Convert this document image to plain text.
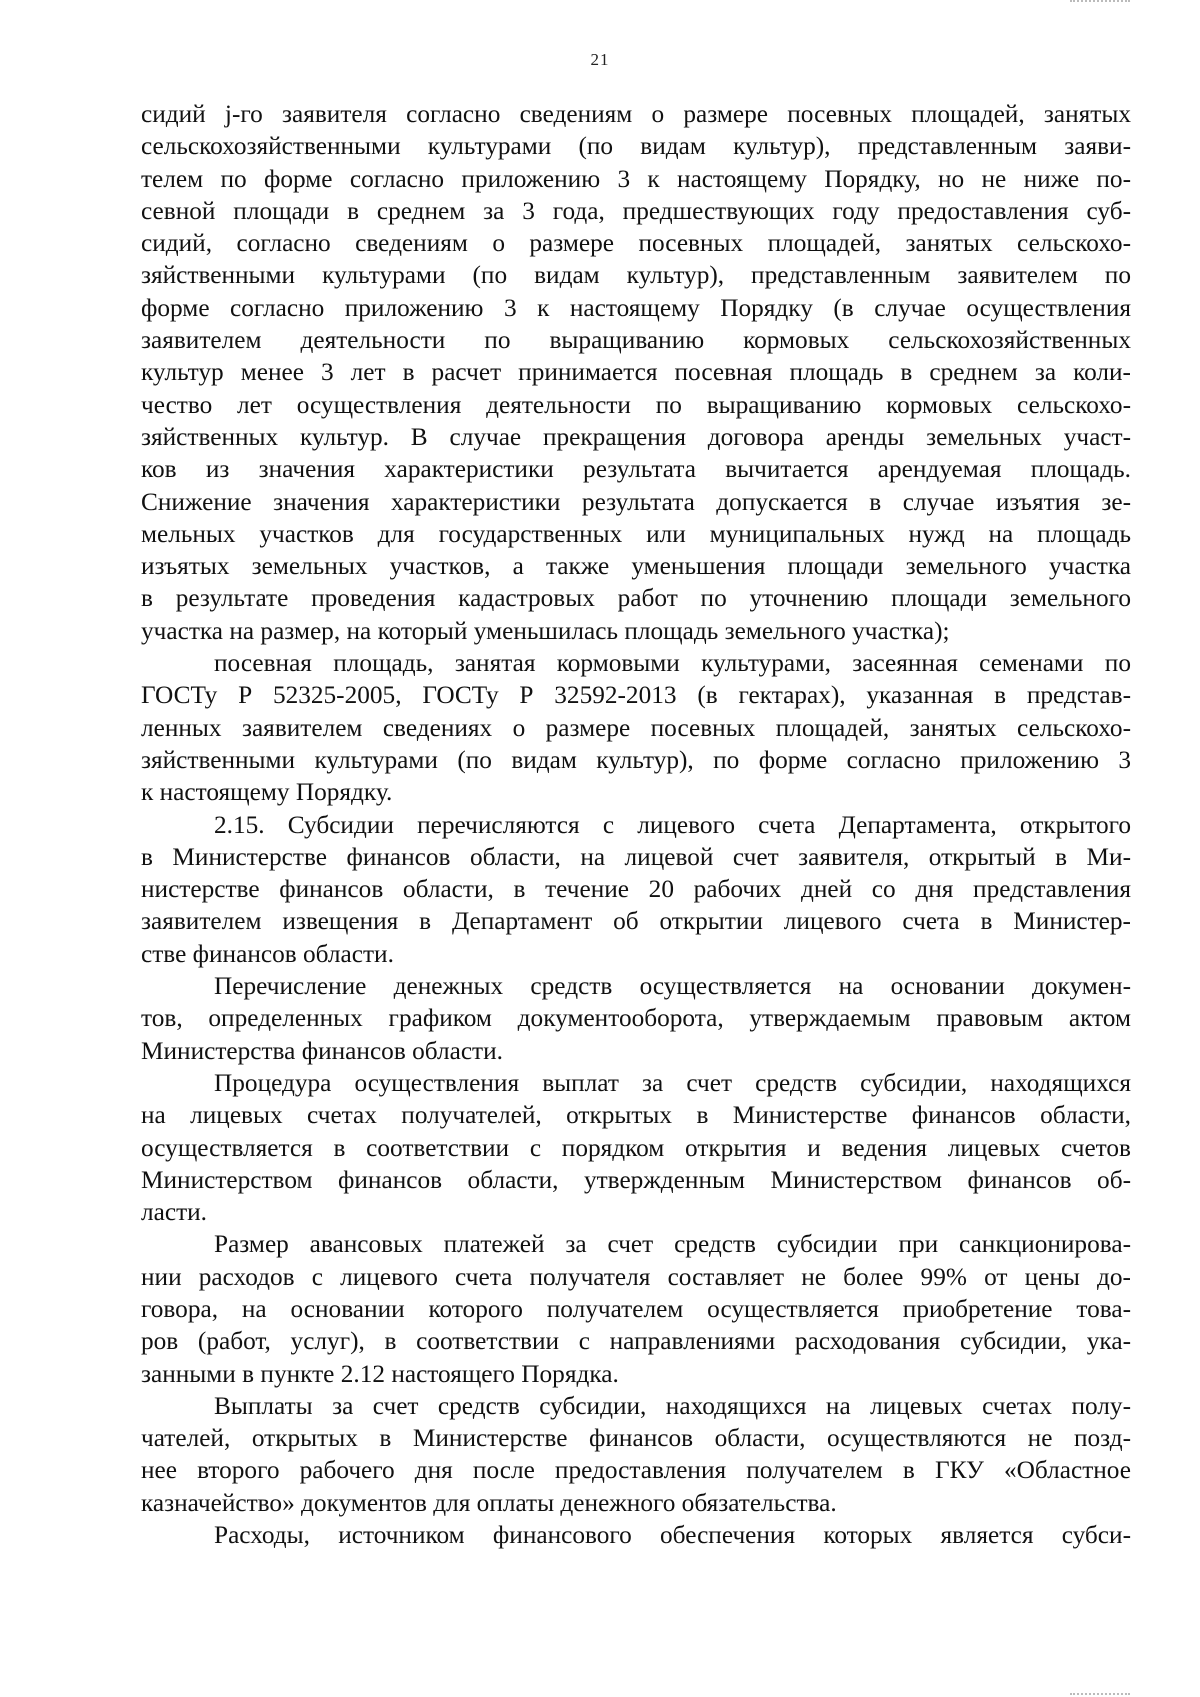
21

сидий j-го заявителя согласно сведениям о размере посевных площадей, занятых
сельскохозяйственными культурами (по видам культур), представленным заяви-
телем по форме согласно приложению 3 к настоящему Порядку, но не ниже по-
севной площади в среднем за 3 года, предшествующих году предоставления суб-
сидий, согласно сведениям о размере посевных площадей, занятых сельскохо-
зяйственными культурами (по видам культур), представленным заявителем по
форме согласно приложению 3 к настоящему Порядку (в случае осуществления
заявителем деятельности по выращиванию кормовых сельскохозяйственных
культур менее 3 лет в расчет принимается посевная площадь в среднем за коли-
чество лет осуществления деятельности по выращиванию кормовых сельскохо-
зяйственных культур. В случае прекращения договора аренды земельных участ-
ков из значения характеристики результата вычитается арендуемая площадь.
Снижение значения характеристики результата допускается в случае изъятия зе-
мельных участков для государственных или муниципальных нужд на площадь
изъятых земельных участков, а также уменьшения площади земельного участка
в результате проведения кадастровых работ по уточнению площади земельного
участка на размер, на который уменьшилась площадь земельного участка);

посевная площадь, занятая кормовыми культурами, засеянная семенами по
ГОСТу Р 52325-2005, ГОСТу Р 32592-2013 (в гектарах), указанная в представ-
ленных заявителем сведениях о размере посевных площадей, занятых сельскохо-
зяйственными культурами (по видам культур), по форме согласно приложению 3
к настоящему Порядку.

2.15. Субсидии перечисляются с лицевого счета Департамента, открытого
в Министерстве финансов области, на лицевой счет заявителя, открытый в Ми-
нистерстве финансов области, в течение 20 рабочих дней со дня представления
заявителем извещения в Департамент об открытии лицевого счета в Министер-
стве финансов области.

Перечисление денежных средств осуществляется на основании докумен-
тов, определенных графиком документооборота, утверждаемым правовым актом
Министерства финансов области.

Процедура осуществления выплат за счет средств субсидии, находящихся
на лицевых счетах получателей, открытых в Министерстве финансов области,
осуществляется в соответствии с порядком открытия и ведения лицевых счетов
Министерством финансов области, утвержденным Министерством финансов об-
ласти.

Размер авансовых платежей за счет средств субсидии при санкционирова-
нии расходов с лицевого счета получателя составляет не более 99% от цены до-
говора, на основании которого получателем осуществляется приобретение това-
ров (работ, услуг), в соответствии с направлениями расходования субсидии, ука-
занными в пункте 2.12 настоящего Порядка.

Выплаты за счет средств субсидии, находящихся на лицевых счетах полу-
чателей, открытых в Министерстве финансов области, осуществляются не позд-
нее второго рабочего дня после предоставления получателем в ГКУ «Областное
казначейство» документов для оплаты денежного обязательства.

Расходы, источником финансового обеспечения которых является субси-
